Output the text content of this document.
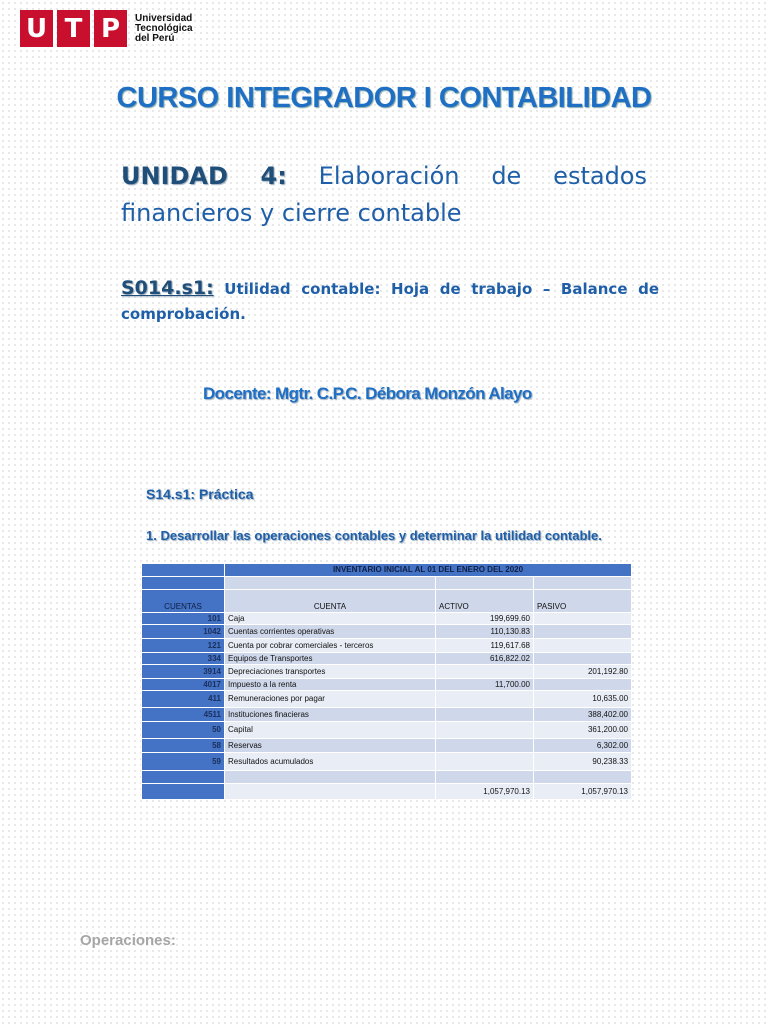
U T P	Universidad
Tecnológica
del Perú
CURSO INTEGRADOR I CONTABILIDAD
UNIDAD 4: Elaboración de estados financieros y cierre contable
S014.s1: Utilidad contable: Hoja de trabajo – Balance de comprobación.
Docente: Mgtr. C.P.C. Débora Monzón Alayo
S14.s1: Práctica
1. Desarrollar las operaciones contables y determinar la utilidad contable.
	INVENTARIO INICIAL AL 01 DEL ENERO DEL 2020		

CUENTAS	CUENTA	ACTIVO	PASIVO
101	Caja	199,699.60	
1042	Cuentas corrientes operativas	110,130.83	
121	Cuenta por cobrar comerciales - terceros	119,617.68	
334	Equipos de Transportes	616,822.02	
3914	Depreciaciones transportes		201,192.80
4017	Impuesto a la renta	11,700.00	
411	Remuneraciones por pagar		10,635.00
4511	Instituciones finacieras		388,402.00
50	Capital		361,200.00
58	Reservas		6,302.00
59	Resultados acumulados		90,238.33

		1,057,970.13	1,057,970.13
Operaciones:
